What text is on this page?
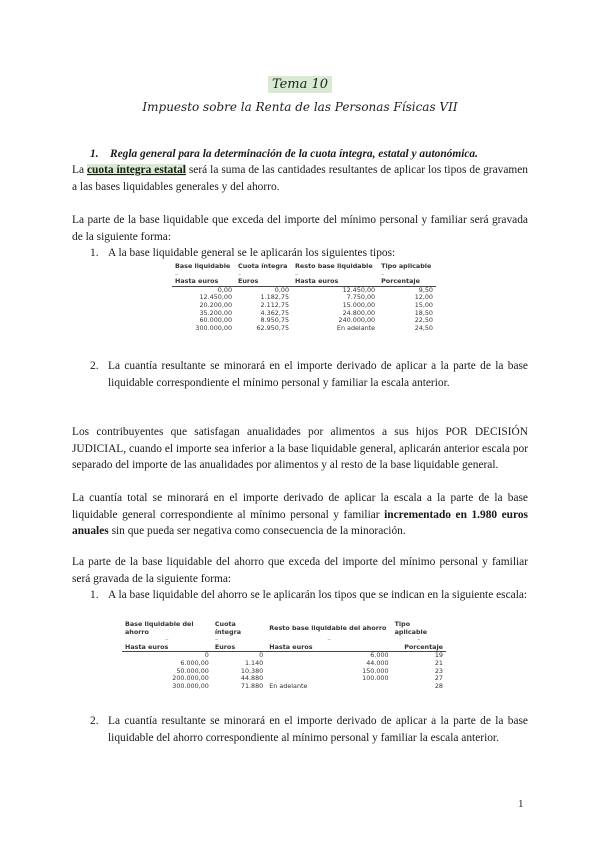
Tema 10
Impuesto sobre la Renta de las Personas Físicas VII
1.	Regla general para la determinación de la cuota íntegra, estatal y autonómica.
La cuota íntegra estatal será la suma de las cantidades resultantes de aplicar los tipos de gravamen a las bases liquidables generales y del ahorro.
La parte de la base liquidable que exceda del importe del mínimo personal y familiar será gravada de la siguiente forma:
1. A la base liquidable general se le aplicarán los siguientes tipos:
Base liquidable	Cuota íntegra	Resto base liquidable	Tipo aplicable
–	–	–	–
Hasta euros	Euros	Hasta euros	Porcentaje
0,00	0,00	12.450,00	9,50
12.450,00	1.182,75	7.750,00	12,00
20.200,00	2.112,75	15.000,00	15,00
35.200,00	4.362,75	24.800,00	18,50
60.000,00	8.950,75	240.000,00	22,50
300.000,00	62.950,75	En adelante	24,50
2. La cuantía resultante se minorará en el importe derivado de aplicar a la parte de la base liquidable correspondiente el mínimo personal y familiar la escala anterior.
Los contribuyentes que satisfagan anualidades por alimentos a sus hijos POR DECISIÓN JUDICIAL, cuando el importe sea inferior a la base liquidable general, aplicarán anterior escala por separado del importe de las anualidades por alimentos y al resto de la base liquidable general.
La cuantía total se minorará en el importe derivado de aplicar la escala a la parte de la base liquidable general correspondiente al mínimo personal y familiar incrementado en 1.980 euros anuales sin que pueda ser negativa como consecuencia de la minoración.
La parte de la base liquidable del ahorro que exceda del importe del mínimo personal y familiar será gravada de la siguiente forma:
1. A la base liquidable del ahorro se le aplicarán los tipos que se indican en la siguiente escala:
Base liquidable del ahorro	Cuota íntegra	Resto base liquidable del ahorro	Tipo aplicable
–	–	–	–
Hasta euros	Euros	Hasta euros	Porcentaje
0	0	6.000	19
6.000,00	1.140	44.000	21
50.000,00	10.380	150.000	23
200.000,00	44.880	100.000	27
300.000,00	71.880	En adelante	28
2. La cuantía resultante se minorará en el importe derivado de aplicar a la parte de la base liquidable del ahorro correspondiente al mínimo personal y familiar la escala anterior.
1
